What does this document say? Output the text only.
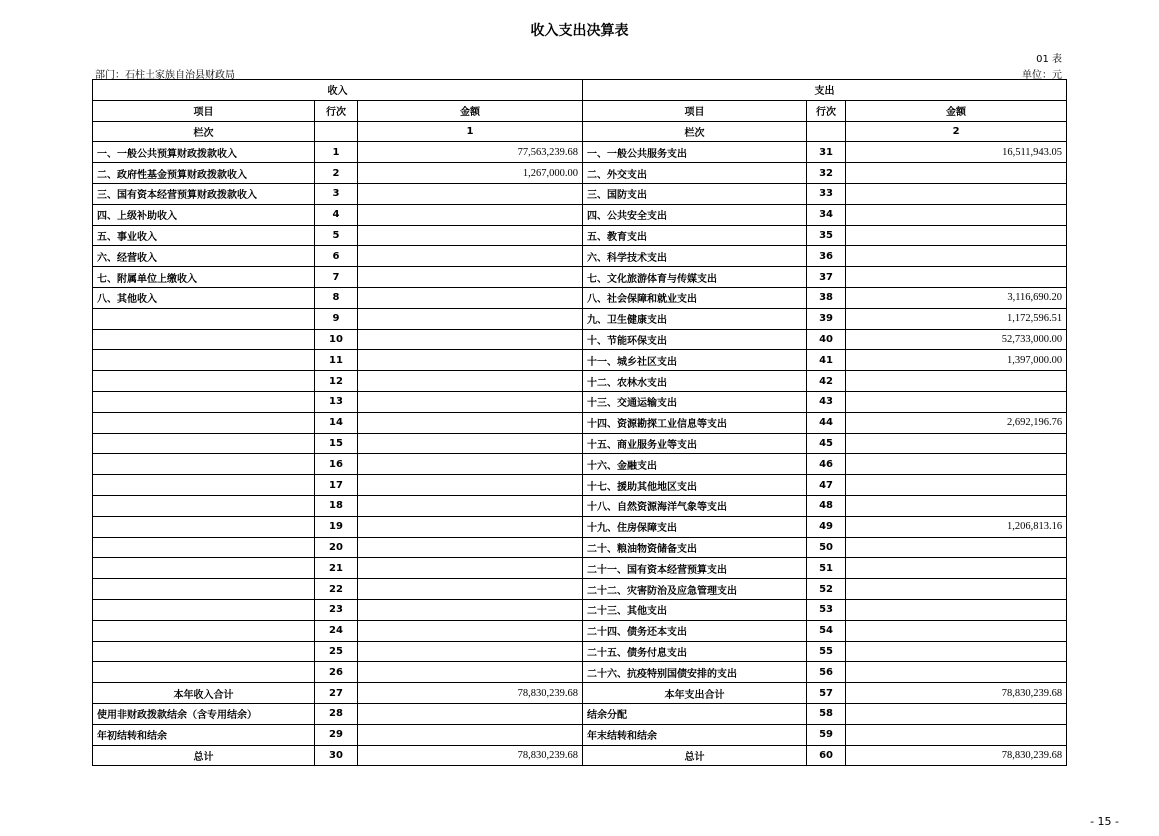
收入支出决算表
01 表
部门：石柱土家族自治县财政局	单位：元
收入			支出		
项目	行次	金额	项目	行次	金额
栏次		1	栏次		2
一、一般公共预算财政拨款收入	1	77,563,239.68	一、一般公共服务支出	31	16,511,943.05
二、政府性基金预算财政拨款收入	2	1,267,000.00	二、外交支出	32	
三、国有资本经营预算财政拨款收入	3		三、国防支出	33	
四、上级补助收入	4		四、公共安全支出	34	
五、事业收入	5		五、教育支出	35	
六、经营收入	6		六、科学技术支出	36	
七、附属单位上缴收入	7		七、文化旅游体育与传媒支出	37	
八、其他收入	8		八、社会保障和就业支出	38	3,116,690.20
	9		九、卫生健康支出	39	1,172,596.51
	10		十、节能环保支出	40	52,733,000.00
	11		十一、城乡社区支出	41	1,397,000.00
	12		十二、农林水支出	42	
	13		十三、交通运输支出	43	
	14		十四、资源勘探工业信息等支出	44	2,692,196.76
	15		十五、商业服务业等支出	45	
	16		十六、金融支出	46	
	17		十七、援助其他地区支出	47	
	18		十八、自然资源海洋气象等支出	48	
	19		十九、住房保障支出	49	1,206,813.16
	20		二十、粮油物资储备支出	50	
	21		二十一、国有资本经营预算支出	51	
	22		二十二、灾害防治及应急管理支出	52	
	23		二十三、其他支出	53	
	24		二十四、债务还本支出	54	
	25		二十五、债务付息支出	55	
	26		二十六、抗疫特别国债安排的支出	56	
本年收入合计	27	78,830,239.68	本年支出合计	57	78,830,239.68
使用非财政拨款结余（含专用结余）	28		结余分配	58	
年初结转和结余	29		年末结转和结余	59	
总计	30	78,830,239.68	总计	60	78,830,239.68
- 15 -
